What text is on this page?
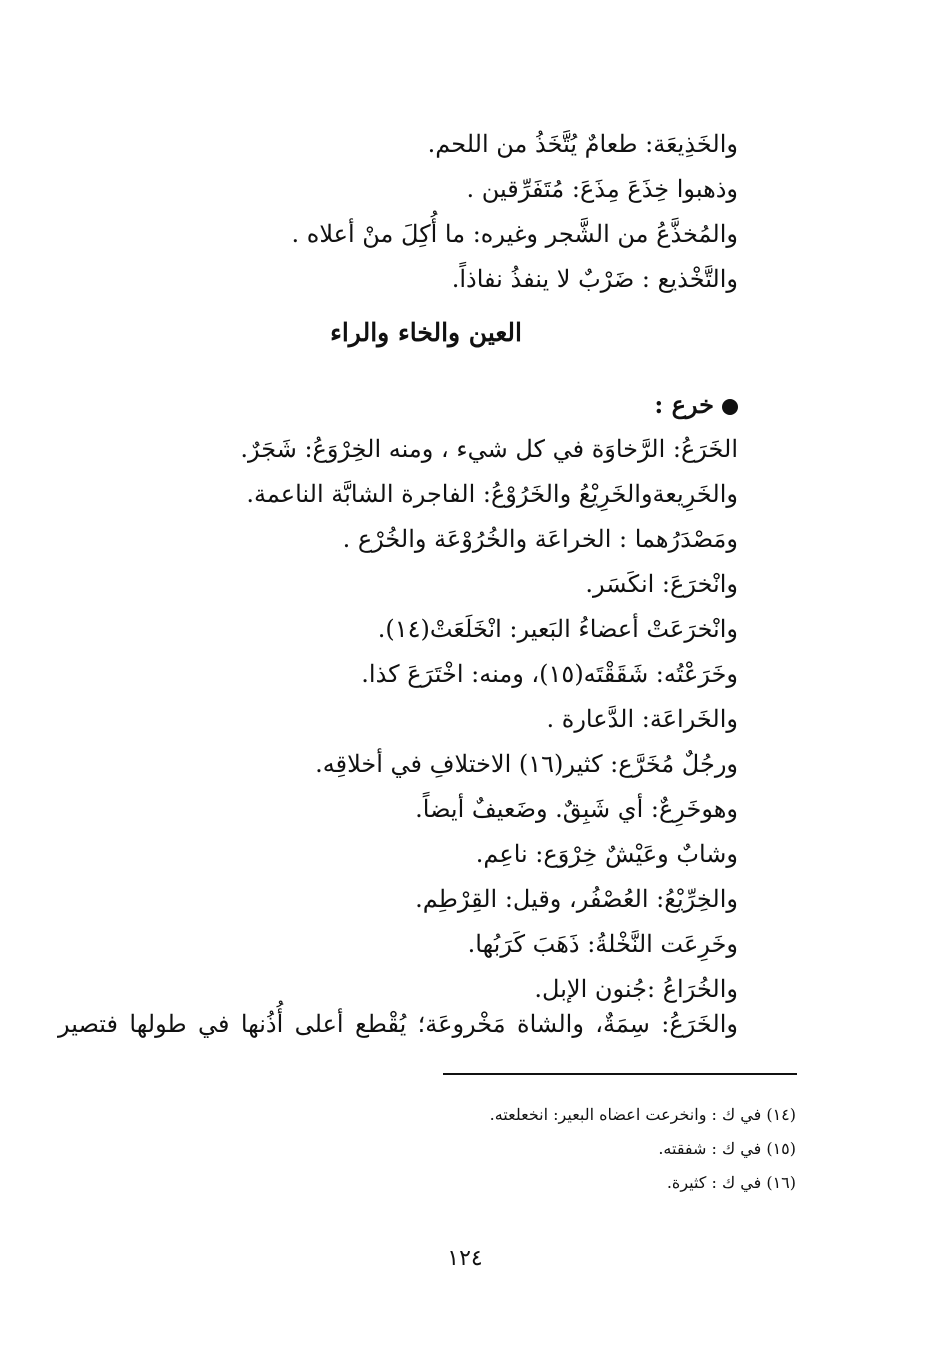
والخَذِيعَة: طعامٌ يُتَّخَذُ من اللحم.
وذهبوا خِذَعَ مِذَعَ: مُتَفَرِّقين .
والمُخذَّعُ من الشَّجر وغيره: ما أُكِلَ منْ أعلاه .
والتَّخْذيع : ضَرْبٌ لا ينفذُ نفاذاً.
العين والخاء والراء
خرع :
الخَرَعُ: الرَّخاوَة في كل شيء ، ومنه الخِرْوَعُ: شَجَرٌ.
والخَرِيعةوالخَرِيْعُ والخَرُوْعُ: الفاجرة الشابَّة الناعمة.
ومَصْدَرُهما : الخراعَة والخُرُوْعَة والخُرْع .
وانْخرَعَ: انكَسَر.
وانْخرَعَتْ أعضاءُ البَعير: انْخَلَعَتْ(١٤).
وخَرَعْتُه: شَقَقْتَه(١٥)، ومنه: اخْتَرَعَ كذا.
والخَراعَة: الدَّعارة .
ورجُلٌ مُخَرَّع: كثير(١٦) الاختلافِ في أخلاقِه.
وهوخَرِعٌ: أي شَبِقٌ. وضَعيفٌ أيضاً.
وشابٌ وعَيْشٌ خِرْوَع: ناعِم.
والخِرِّيْعُ: العُصْفُر، وقيل: القِرْطِم.
وخَرِعَت النَّخْلةُ: ذَهَبَ كَرَبُها.
والخُرَاعُ :جُنون الإبل.
والخَرَعُ: سِمَةٌ، والشاة مَخْروعَة؛ يُقْطع أعلى أُذُنها في طولها فتصير
(١٤) في ك : وانخرعت اعضاه البعير: انخعلعته.
(١٥) في ك : شفقته.
(١٦) في ك : كثيرة.
١٢٤
